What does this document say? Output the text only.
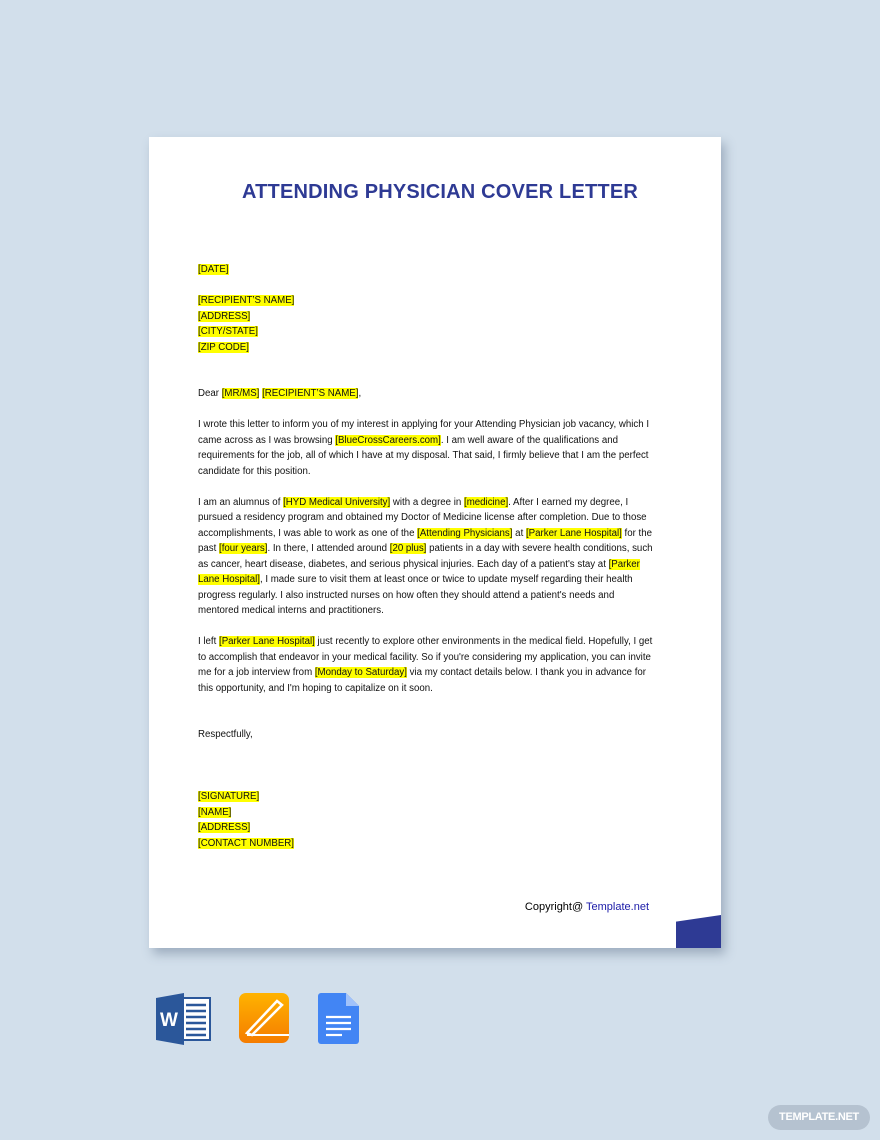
ATTENDING PHYSICIAN COVER LETTER

[DATE]

[RECIPIENT’S NAME]
[ADDRESS]
[CITY/STATE]
[ZIP CODE]

Dear [MR/MS] [RECIPIENT’S NAME],

I wrote this letter to inform you of my interest in applying for your Attending Physician job vacancy, which I came across as I was browsing [BlueCrossCareers.com]. I am well aware of the qualifications and requirements for the job, all of which I have at my disposal. That said, I firmly believe that I am the perfect candidate for this position.

I am an alumnus of [HYD Medical University] with a degree in [medicine]. After I earned my degree, I pursued a residency program and obtained my Doctor of Medicine license after completion. Due to those accomplishments, I was able to work as one of the [Attending Physicians] at [Parker Lane Hospital] for the past [four years]. In there, I attended around [20 plus] patients in a day with severe health conditions, such as cancer, heart disease, diabetes, and serious physical injuries. Each day of a patient's stay at [Parker Lane Hospital], I made sure to visit them at least once or twice to update myself regarding their health progress regularly. I also instructed nurses on how often they should attend a patient's needs and mentored medical interns and practitioners.

I left [Parker Lane Hospital] just recently to explore other environments in the medical field. Hopefully, I get to accomplish that endeavor in your medical facility. So if you're considering my application, you can invite me for a job interview from [Monday to Saturday] via my contact details below. I thank you in advance for this opportunity, and I'm hoping to capitalize on it soon.

Respectfully,

[SIGNATURE]
[NAME]
[ADDRESS]
[CONTACT NUMBER]
Copyright@ Template.net
W
TEMPLATE.NET
